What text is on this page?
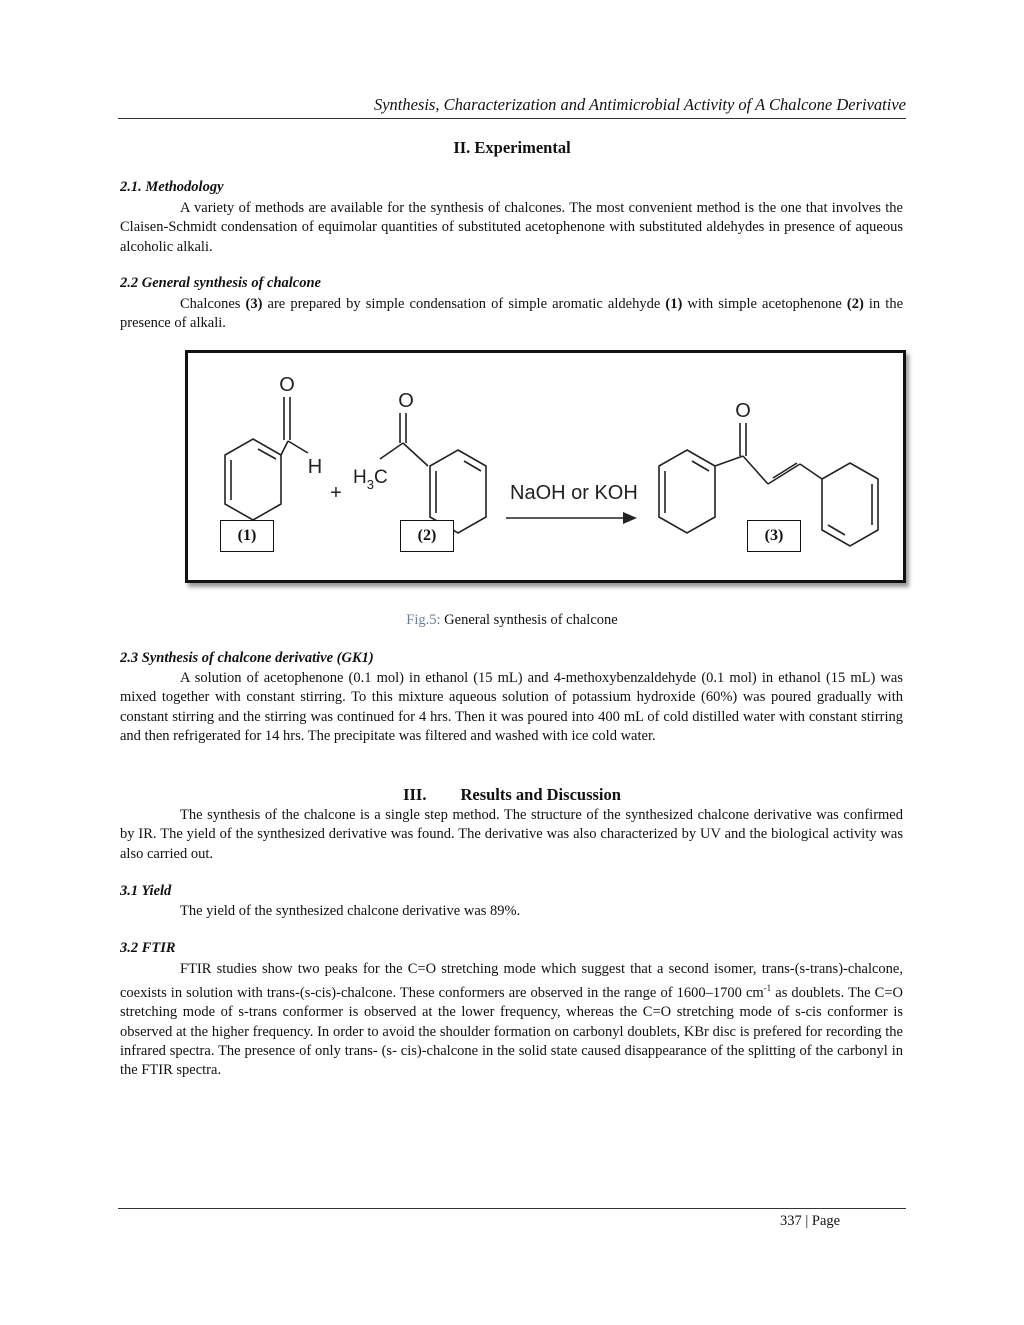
Synthesis, Characterization and Antimicrobial Activity of A Chalcone Derivative
II. Experimental
2.1. Methodology

A variety of methods are available for the synthesis of chalcones. The most convenient method is the one that involves the Claisen-Schmidt condensation of equimolar quantities of substituted acetophenone with substituted aldehydes in presence of aqueous alcoholic alkali.

2.2 General synthesis of chalcone

Chalcones (3) are prepared by simple condensation of simple aromatic aldehyde (1) with simple acetophenone (2) in the presence of alkali.

O
H
+
$H_3C$
O
NaOH or KOH
O
(1)	(2)	(3)
Fig.5: General synthesis of chalcone
2.3 Synthesis of chalcone derivative (GK1)

A solution of acetophenone (0.1 mol) in ethanol (15 mL) and 4-methoxybenzaldehyde (0.1 mol) in ethanol (15 mL) was mixed together with constant stirring. To this mixture aqueous solution of potassium hydroxide (60%) was poured gradually with constant stirring and the stirring was continued for 4 hrs. Then it was poured into 400 mL of cold distilled water with constant stirring and then refrigerated for 14 hrs. The precipitate was filtered and washed with ice cold water.

III. Results and Discussion

The synthesis of the chalcone is a single step method. The structure of the synthesized chalcone derivative was confirmed by IR. The yield of the synthesized derivative was found. The derivative was also characterized by UV and the biological activity was also carried out.

3.1 Yield

The yield of the synthesized chalcone derivative was 89%.

3.2 FTIR

FTIR studies show two peaks for the C=O stretching mode which suggest that a second isomer, trans-(s-trans)-chalcone, coexists in solution with trans-(s-cis)-chalcone. These conformers are observed in the range of 1600–1700 $cm^{-1}$ as doublets. The C=O stretching mode of s-trans conformer is observed at the lower frequency, whereas the C=O stretching mode of s-cis conformer is observed at the higher frequency. In order to avoid the shoulder formation on carbonyl doublets, KBr disc is prefered for recording the infrared spectra. The presence of only trans- (s- cis)-chalcone in the solid state caused disappearance of the splitting of the carbonyl in the FTIR spectra.

337 | Page
